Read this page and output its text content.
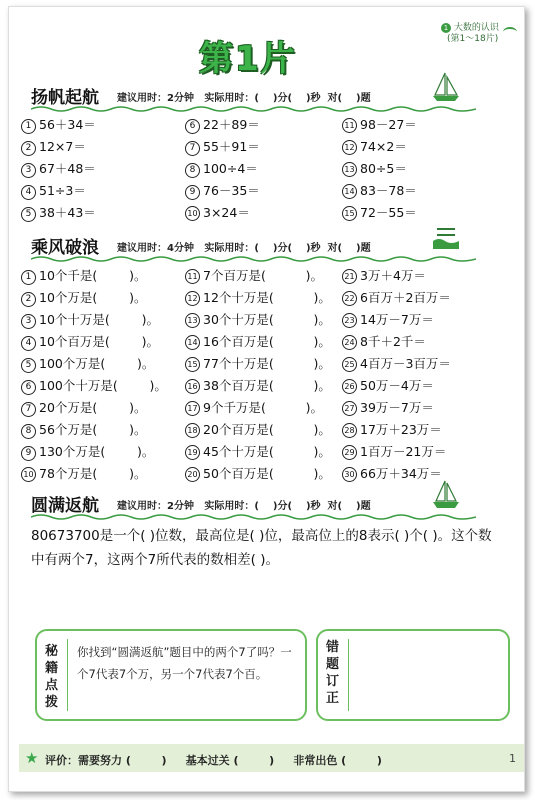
第1片
1 大数的认识
(第1～18片)
扬帆起航 建议用时：2分钟   实际用时：(    )分(    )秒  对(    )题
1 56＋34＝
2 12×7＝
3 67＋48＝
4 51÷3＝
5 38＋43＝
6 22＋89＝
7 55＋91＝
8 100÷4＝
9 76－35＝
10 3×24＝
11 98－27＝
12 74×2＝
13 80÷5＝
14 83－78＝
15 72－55＝
乘风破浪 建议用时：4分钟   实际用时：(    )分(    )秒  对(    )题
1 10个千是(        )。
2 10个万是(        )。
3 10个十万是(        )。
4 10个百万是(        )。
5 100个万是(        )。
6 100个十万是(        )。
7 20个万是(        )。
8 56个万是(        )。
9 130个万是(        )。
10 78个万是(        )。
11 7个百万是(          )。
12 12个十万是(          )。
13 30个十万是(          )。
14 16个百万是(          )。
15 77个十万是(          )。
16 38个百万是(          )。
17 9个千万是(          )。
18 20个百万是(          )。
19 45个十万是(          )。
20 50个百万是(          )。
21 3万＋4万＝
22 6百万＋2百万＝
23 14万－7万＝
24 8千＋2千＝
25 4百万－3百万＝
26 50万－4万＝
27 39万－7万＝
28 17万＋23万＝
29 1百万－21万＝
30 66万＋34万＝
圆满返航 建议用时：2分钟   实际用时：(    )分(    )秒  对(    )题
80673700是一个( )位数，最高位是( )位，最高位上的8表示( )个( )。这个数中有两个7，这两个7所代表的数相差( )。
秘籍点拨
你找到“圆满返航”题目中的两个7了吗？一个7代表7个万，另一个7代表7个百。
错题订正
★ 评价：需要努力 (        )     基本过关 (        )     非常出色 (        )	1
